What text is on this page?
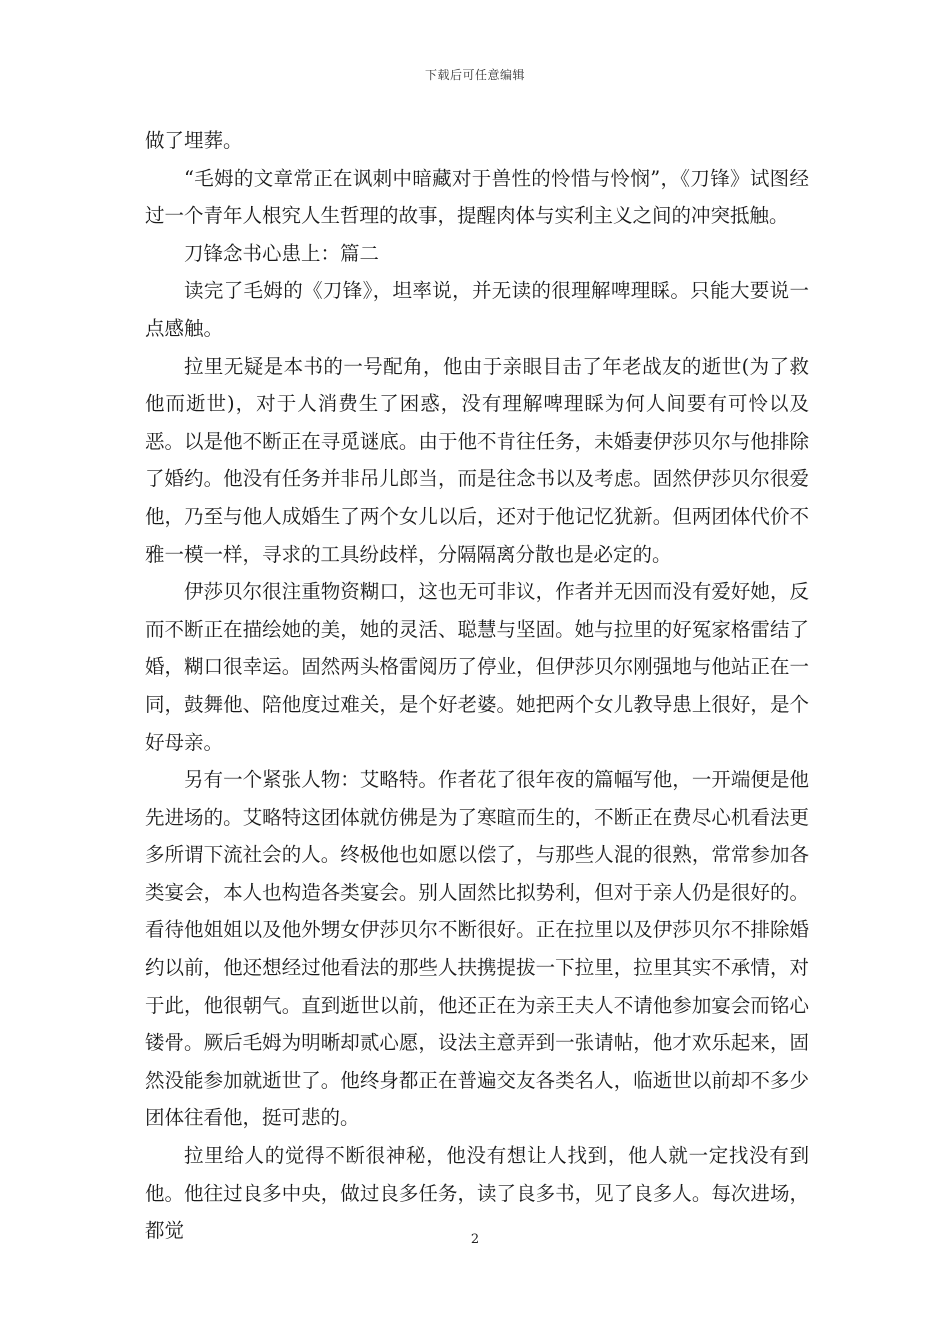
下载后可任意编辑

做了埋葬。

“毛姆的文章常正在讽刺中暗藏对于兽性的怜惜与怜悯”，《刀锋》试图经过一个青年人根究人生哲理的故事，提醒肉体与实利主义之间的冲突抵触。

刀锋念书心患上：篇二

读完了毛姆的《刀锋》，坦率说，并无读的很理解啤理睬。只能大要说一点感触。

拉里无疑是本书的一号配角，他由于亲眼目击了年老战友的逝世(为了救他而逝世)，对于人消费生了困惑，没有理解啤理睬为何人间要有可怜以及恶。以是他不断正在寻觅谜底。由于他不肯往任务，未婚妻伊莎贝尔与他排除了婚约。他没有任务并非吊儿郎当，而是往念书以及考虑。固然伊莎贝尔很爱他，乃至与他人成婚生了两个女儿以后，还对于他记忆犹新。但两团体代价不雅一模一样，寻求的工具纷歧样，分隔隔离分散也是必定的。

伊莎贝尔很注重物资糊口，这也无可非议，作者并无因而没有爱好她，反而不断正在描绘她的美，她的灵活、聪慧与坚固。她与拉里的好冤家格雷结了婚，糊口很幸运。固然两头格雷阅历了停业，但伊莎贝尔刚强地与他站正在一同，鼓舞他、陪他度过难关，是个好老婆。她把两个女儿教导患上很好，是个好母亲。

另有一个紧张人物：艾略特。作者花了很年夜的篇幅写他，一开端便是他先进场的。艾略特这团体就仿佛是为了寒暄而生的，不断正在费尽心机看法更多所谓下流社会的人。终极他也如愿以偿了，与那些人混的很熟，常常参加各类宴会，本人也构造各类宴会。别人固然比拟势利，但对于亲人仍是很好的。看待他姐姐以及他外甥女伊莎贝尔不断很好。正在拉里以及伊莎贝尔不排除婚约以前，他还想经过他看法的那些人扶携提拔一下拉里，拉里其实不承情，对于此，他很朝气。直到逝世以前，他还正在为亲王夫人不请他参加宴会而铭心镂骨。厥后毛姆为明晰却贰心愿，设法主意弄到一张请帖，他才欢乐起来，固然没能参加就逝世了。他终身都正在普遍交友各类名人，临逝世以前却不多少团体往看他，挺可悲的。

拉里给人的觉得不断很神秘，他没有想让人找到，他人就一定找没有到他。他往过良多中央，做过良多任务，读了良多书，见了良多人。每次进场，都觉	2
